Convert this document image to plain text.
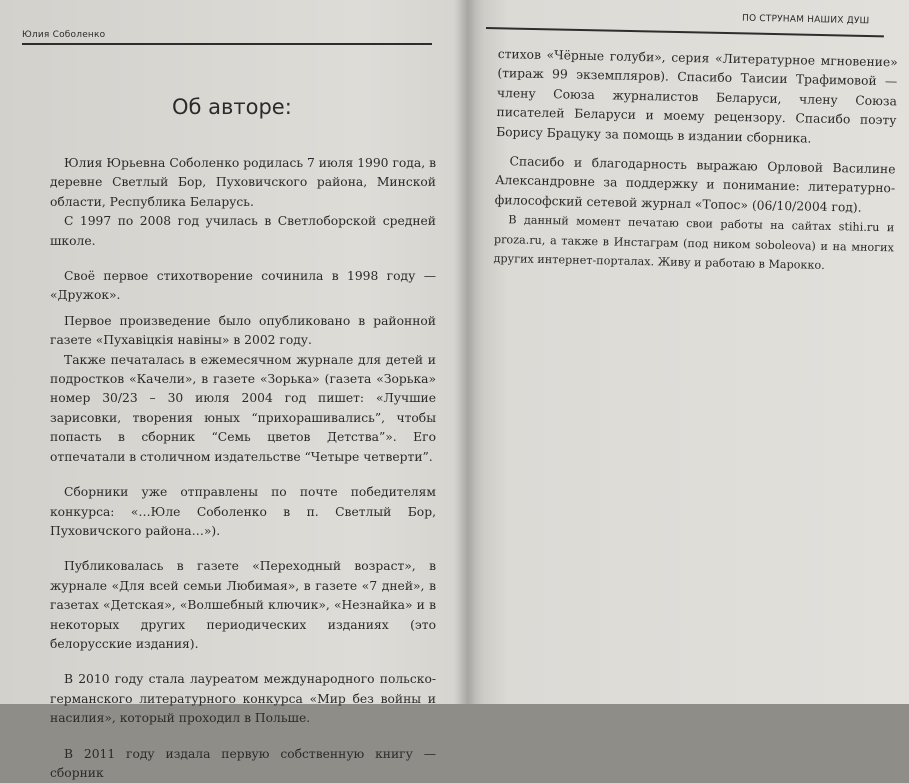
Юлия Соболенко
Об авторе:

Юлия Юрьевна Соболенко родилась 7 июля 1990 года, в деревне Светлый Бор, Пуховичского района, Минской области, Республика Беларусь.

С 1997 по 2008 год училась в Светлоборской средней школе.

Своё первое стихотворение сочинила в 1998 году — «Дружок».

Первое произведение было опубликовано в районной газете «Пухавіцкія навіны» в 2002 году.

Также печаталась в ежемесячном журнале для детей и подростков «Качели», в газете «Зорька» (газета «Зорька» номер 30/23 – 30 июля 2004 год пишет: «Лучшие зарисовки, творения юных “прихорашивались”, чтобы попасть в сборник “Семь цветов Детства”». Его отпечатали в столичном издательстве “Четыре четверти”.

Сборники уже отправлены по почте победителям конкурса: «…Юле Соболенко в п. Светлый Бор, Пуховичского района…»).

Публиковалась в газете «Переходный возраст», в журнале «Для всей семьи Любимая», в газете «7 дней», в газетах «Детская», «Волшебный ключик», «Незнайка» и в некоторых других периодических изданиях (это белорусские издания).

В 2010 году стала лауреатом международного польско-германского литературного конкурса «Мир без войны и насилия», который проходил в Польше.

В 2011 году издала первую собственную книгу — сборник

ПО СТРУНАМ НАШИХ ДУШ

стихов «Чёрные голуби», серия «Литературное мгновение» (тираж 99 экземпляров). Спасибо Таисии Трафимовой — члену Союза журналистов Беларуси, члену Союза писателей Беларуси и моему рецензору. Спасибо поэту Борису Брацуку за помощь в издании сборника.

Спасибо и благодарность выражаю Орловой Василине Александровне за поддержку и понимание: литературно-философский сетевой журнал «Топос» (06/10/2004 год).

В данный момент печатаю свои работы на сайтах stihi.ru и proza.ru, а также в Инстаграм (под ником soboleova) и на многих других интернет-порталах. Живу и работаю в Марокко.
